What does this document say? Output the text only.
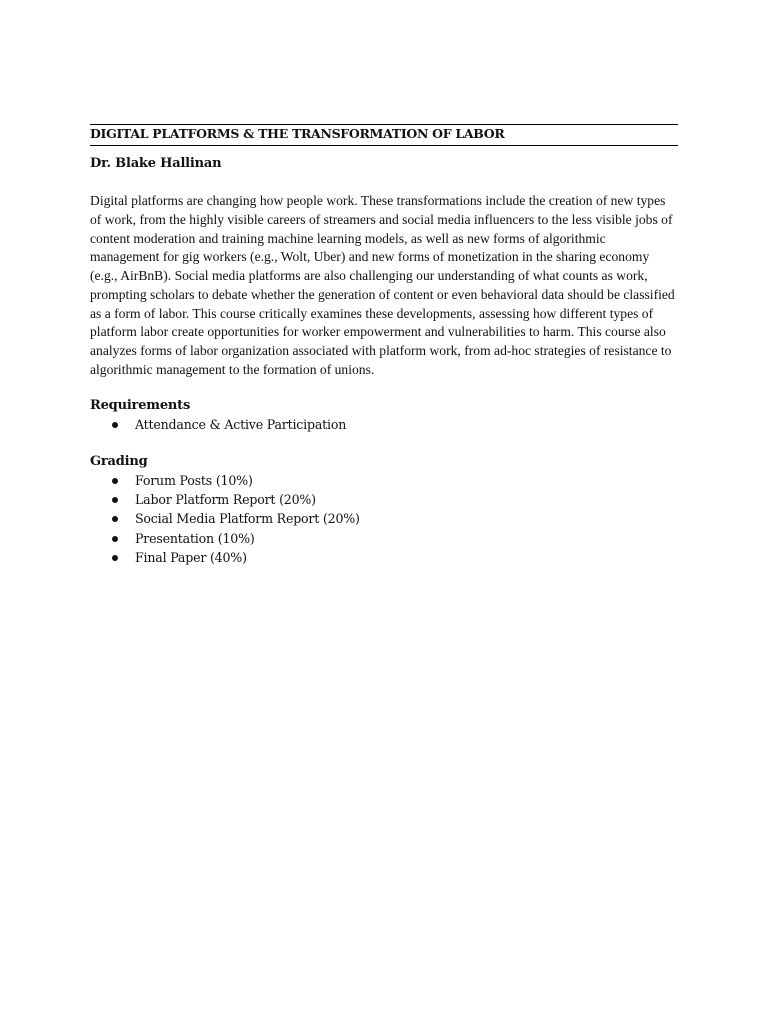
DIGITAL PLATFORMS & THE TRANSFORMATION OF LABOR
Dr. Blake Hallinan
Digital platforms are changing how people work. These transformations include the creation of new types of work, from the highly visible careers of streamers and social media influencers to the less visible jobs of content moderation and training machine learning models, as well as new forms of algorithmic management for gig workers (e.g., Wolt, Uber) and new forms of monetization in the sharing economy (e.g., AirBnB). Social media platforms are also challenging our understanding of what counts as work, prompting scholars to debate whether the generation of content or even behavioral data should be classified as a form of labor. This course critically examines these developments, assessing how different types of platform labor create opportunities for worker empowerment and vulnerabilities to harm. This course also analyzes forms of labor organization associated with platform work, from ad-hoc strategies of resistance to algorithmic management to the formation of unions.
Requirements
Attendance & Active Participation
Grading
Forum Posts (10%)
Labor Platform Report (20%)
Social Media Platform Report (20%)
Presentation (10%)
Final Paper (40%)
